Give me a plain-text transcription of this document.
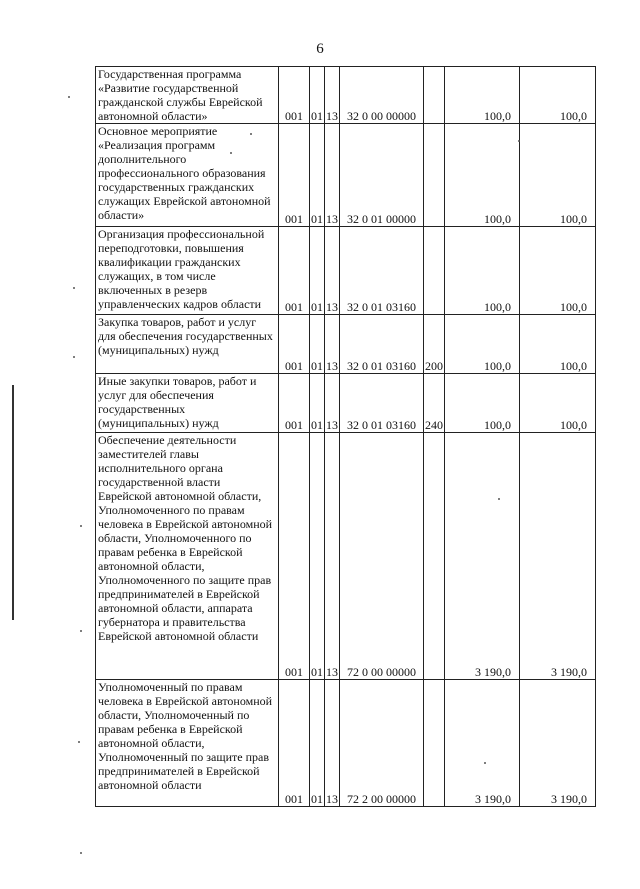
6
Государственная программа «Развитие государственной гражданской службы Еврейской автономной области»	001	01	13	32 0 00 00000		100,0	100,0
Основное мероприятие «Реализация программ дополнительного профессионального образования государственных гражданских служащих Еврейской автономной области»	001	01	13	32 0 01 00000		100,0	100,0
Организация профессиональной переподготовки, повышения квалификации гражданских служащих, в том числе включенных в резерв управленческих кадров области	001	01	13	32 0 01 03160		100,0	100,0
Закупка товаров, работ и услуг для обеспечения государственных (муниципальных) нужд	001	01	13	32 0 01 03160	200	100,0	100,0
Иные закупки товаров, работ и услуг для обеспечения государственных (муниципальных) нужд	001	01	13	32 0 01 03160	240	100,0	100,0
Обеспечение деятельности заместителей главы исполнительного органа государственной власти Еврейской автономной области, Уполномоченного по правам человека в Еврейской автономной области, Уполномоченного по правам ребенка в Еврейской автономной области, Уполномоченного по защите прав предпринимателей в Еврейской автономной области, аппарата губернатора и правительства Еврейской автономной области	001	01	13	72 0 00 00000		3 190,0	3 190,0
Уполномоченный по правам человека в Еврейской автономной области, Уполномоченный по правам ребенка в Еврейской автономной области, Уполномоченный по защите прав предпринимателей в Еврейской автономной области	001	01	13	72 2 00 00000		3 190,0	3 190,0
